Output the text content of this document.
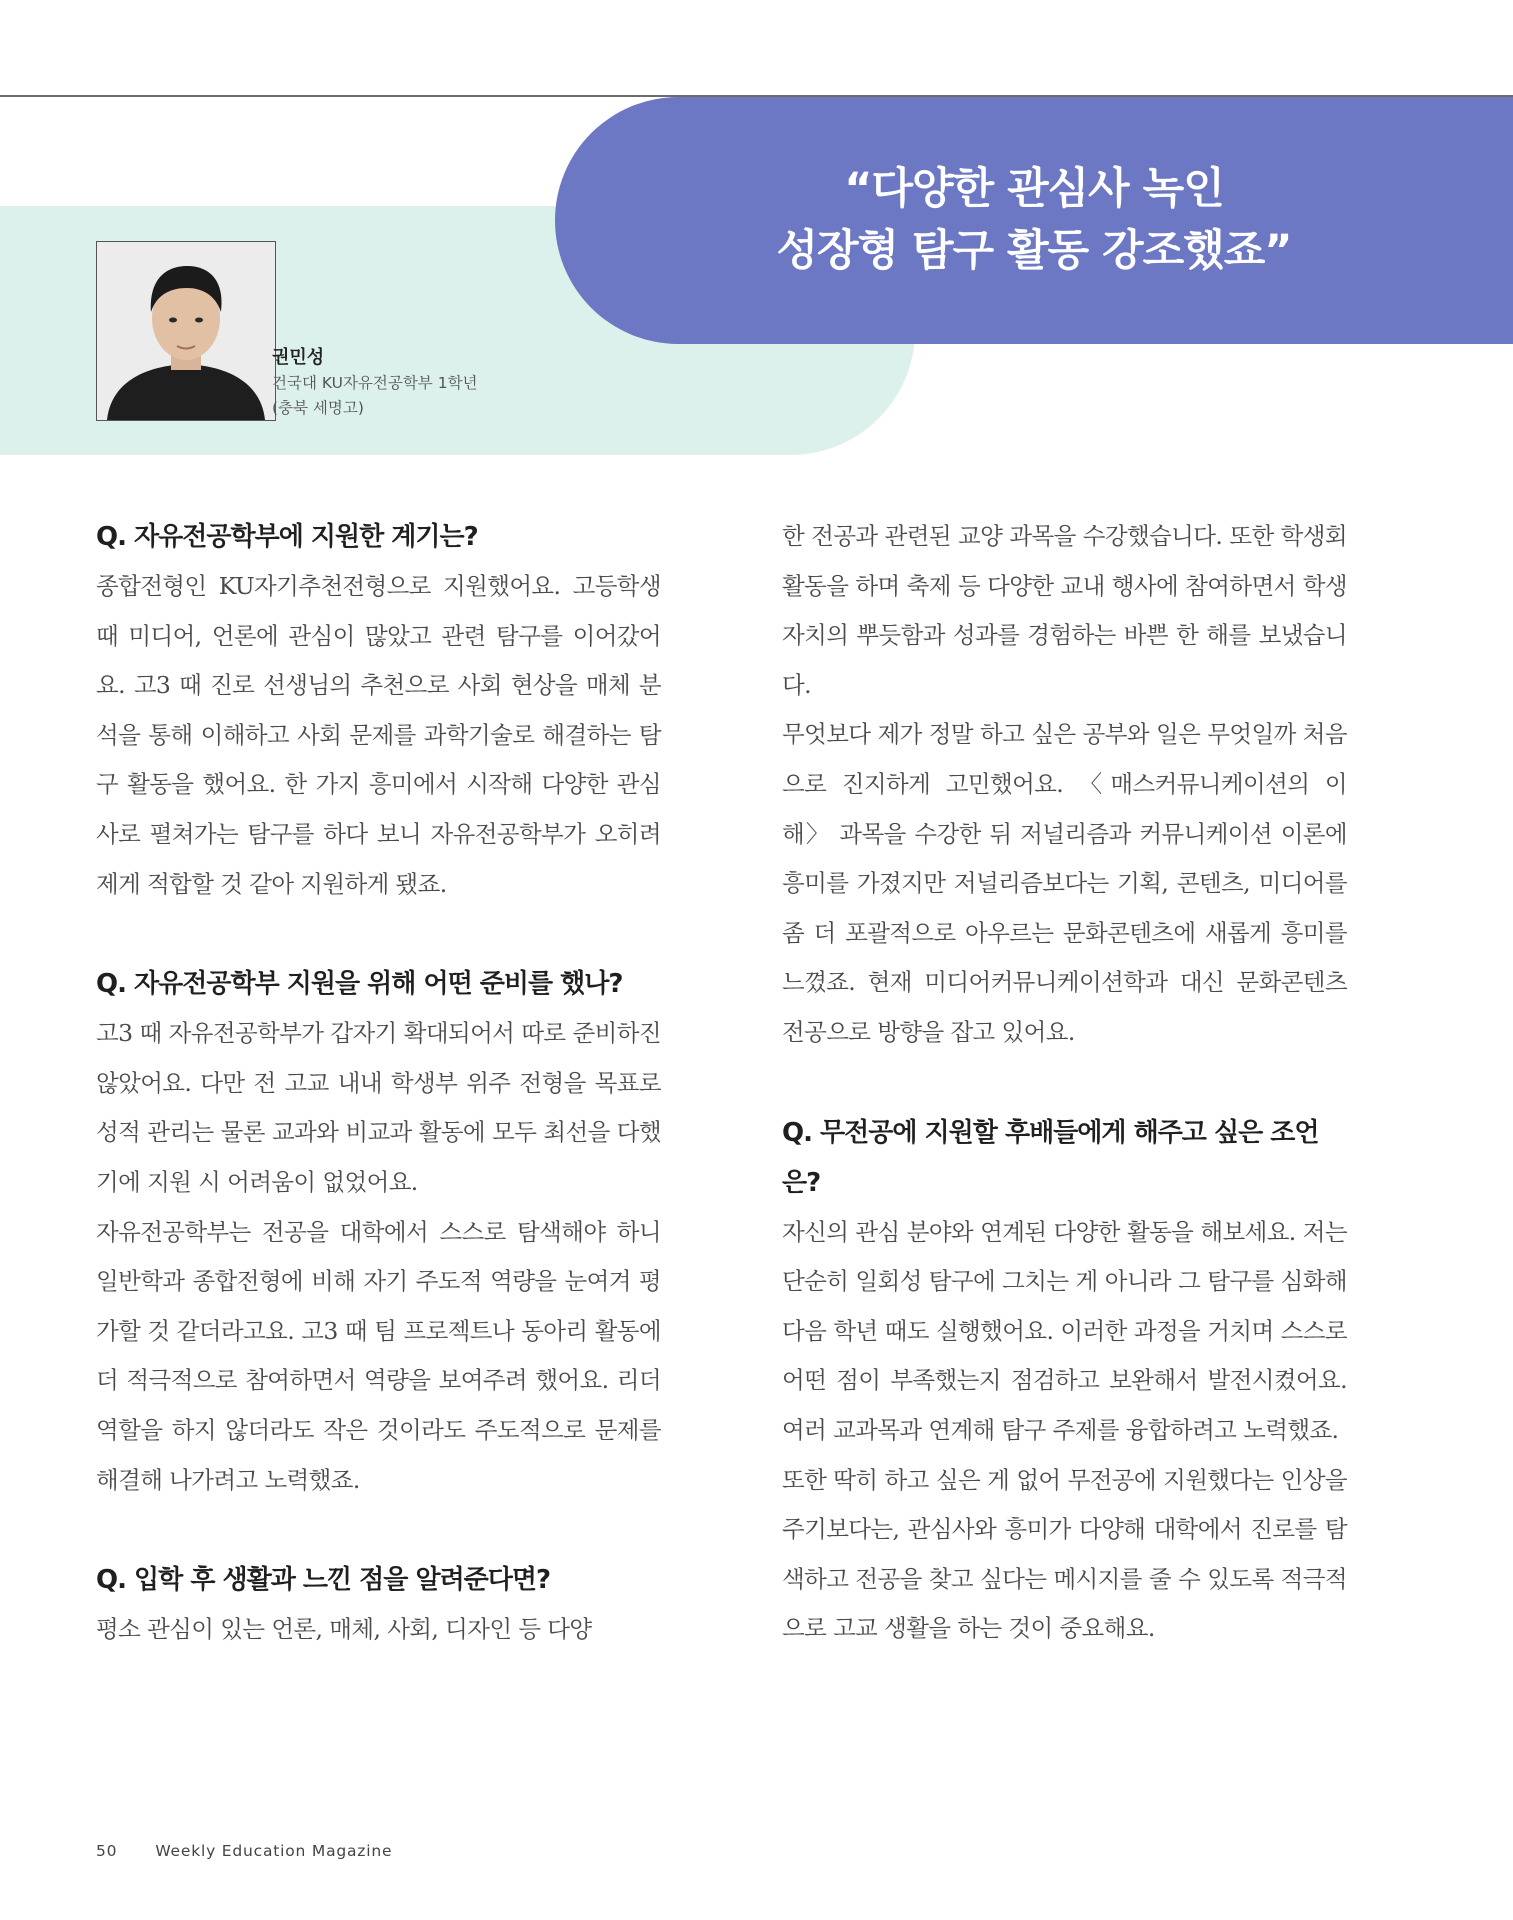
“다양한 관심사 녹인
성장형 탐구 활동 강조했죠”
권민성
건국대 KU자유전공학부 1학년
(충북 세명고)

Q. 자유전공학부에 지원한 계기는?

종합전형인 KU자기추천전형으로 지원했어요. 고등학생 때 미디어, 언론에 관심이 많았고 관련 탐구를 이어갔어요. 고3 때 진로 선생님의 추천으로 사회 현상을 매체 분석을 통해 이해하고 사회 문제를 과학기술로 해결하는 탐구 활동을 했어요. 한 가지 흥미에서 시작해 다양한 관심사로 펼쳐가는 탐구를 하다 보니 자유전공학부가 오히려 제게 적합할 것 같아 지원하게 됐죠.

Q. 자유전공학부 지원을 위해 어떤 준비를 했나?

고3 때 자유전공학부가 갑자기 확대되어서 따로 준비하진 않았어요. 다만 전 고교 내내 학생부 위주 전형을 목표로 성적 관리는 물론 교과와 비교과 활동에 모두 최선을 다했기에 지원 시 어려움이 없었어요.

자유전공학부는 전공을 대학에서 스스로 탐색해야 하니 일반학과 종합전형에 비해 자기 주도적 역량을 눈여겨 평가할 것 같더라고요. 고3 때 팀 프로젝트나 동아리 활동에 더 적극적으로 참여하면서 역량을 보여주려 했어요. 리더 역할을 하지 않더라도 작은 것이라도 주도적으로 문제를 해결해 나가려고 노력했죠.

Q. 입학 후 생활과 느낀 점을 알려준다면?

평소 관심이 있는 언론, 매체, 사회, 디자인 등 다양

한 전공과 관련된 교양 과목을 수강했습니다. 또한 학생회 활동을 하며 축제 등 다양한 교내 행사에 참여하면서 학생 자치의 뿌듯함과 성과를 경험하는 바쁜 한 해를 보냈습니다.

무엇보다 제가 정말 하고 싶은 공부와 일은 무엇일까 처음으로 진지하게 고민했어요. 〈매스커뮤니케이션의 이해〉 과목을 수강한 뒤 저널리즘과 커뮤니케이션 이론에 흥미를 가졌지만 저널리즘보다는 기획, 콘텐츠, 미디어를 좀 더 포괄적으로 아우르는 문화콘텐츠에 새롭게 흥미를 느꼈죠. 현재 미디어커뮤니케이션학과 대신 문화콘텐츠 전공으로 방향을 잡고 있어요.

Q. 무전공에 지원할 후배들에게 해주고 싶은 조언은?

자신의 관심 분야와 연계된 다양한 활동을 해보세요. 저는 단순히 일회성 탐구에 그치는 게 아니라 그 탐구를 심화해 다음 학년 때도 실행했어요. 이러한 과정을 거치며 스스로 어떤 점이 부족했는지 점검하고 보완해서 발전시켰어요. 여러 교과목과 연계해 탐구 주제를 융합하려고 노력했죠.

또한 딱히 하고 싶은 게 없어 무전공에 지원했다는 인상을 주기보다는, 관심사와 흥미가 다양해 대학에서 진로를 탐색하고 전공을 찾고 싶다는 메시지를 줄 수 있도록 적극적으로 고교 생활을 하는 것이 중요해요.

50 Weekly Education Magazine
